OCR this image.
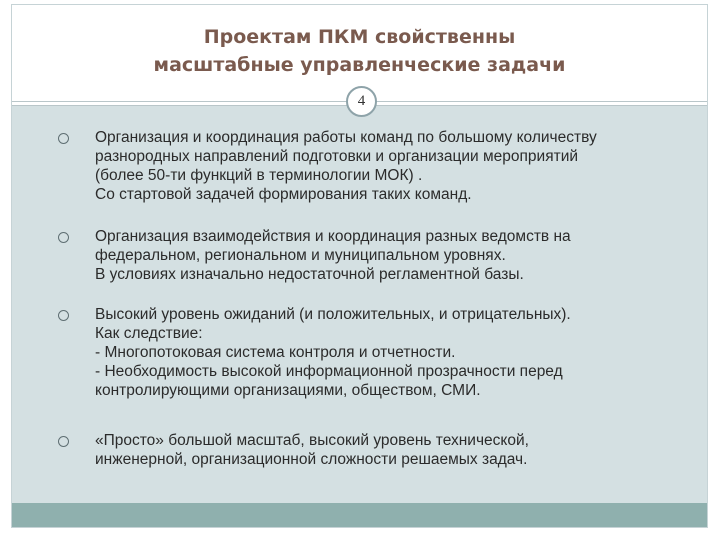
Проектам ПКМ свойственны
масштабные управленческие задачи
4
Организация и координация работы команд по большому количеству
разнородных направлений подготовки и организации мероприятий
(более 50-ти функций в терминологии МОК) .
Со стартовой задачей формирования таких команд.
Организация взаимодействия и координация разных ведомств на
федеральном, региональном и муниципальном уровнях.
В условиях изначально недостаточной регламентной базы.
Высокий уровень ожиданий (и положительных, и отрицательных).
Как следствие:
- Многопотоковая система контроля и отчетности.
- Необходимость высокой информационной прозрачности перед
контролирующими организациями, обществом, СМИ.
«Просто» большой масштаб, высокий уровень технической,
инженерной, организационной сложности решаемых задач.
